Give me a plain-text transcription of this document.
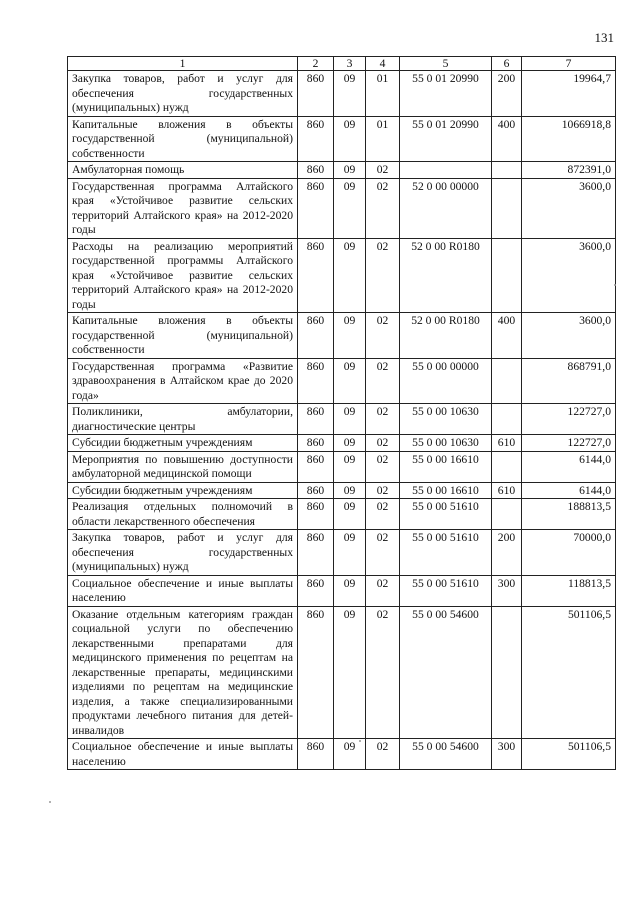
131
1	2	3	4	5	6	7
Закупка товаров, работ и услуг для обеспечения государственных (муниципальных) нужд	860	09	01	55 0 01 20990	200	19964,7
Капитальные вложения в объекты государственной (муниципальной) собственности	860	09	01	55 0 01 20990	400	1066918,8
Амбулаторная помощь	860	09	02			872391,0
Государственная программа Алтайского края «Устойчивое развитие сельских территорий Алтайского края» на 2012-2020 годы	860	09	02	52 0 00 00000		3600,0
Расходы на реализацию мероприятий государственной программы Алтайского края «Устойчивое развитие сельских территорий Алтайского края» на 2012-2020 годы	860	09	02	52 0 00 R0180		3600,0
Капитальные вложения в объекты государственной (муниципальной) собственности	860	09	02	52 0 00 R0180	400	3600,0
Государственная программа «Развитие здравоохранения в Алтайском крае до 2020 года»	860	09	02	55 0 00 00000		868791,0
Поликлиники, амбулатории, диагностические центры	860	09	02	55 0 00 10630		122727,0
Субсидии бюджетным учреждениям	860	09	02	55 0 00 10630	610	122727,0
Мероприятия по повышению доступности амбулаторной медицинской помощи	860	09	02	55 0 00 16610		6144,0
Субсидии бюджетным учреждениям	860	09	02	55 0 00 16610	610	6144,0
Реализация отдельных полномочий в области лекарственного обеспечения	860	09	02	55 0 00 51610		188813,5
Закупка товаров, работ и услуг для обеспечения государственных (муниципальных) нужд	860	09	02	55 0 00 51610	200	70000,0
Социальное обеспечение и иные выплаты населению	860	09	02	55 0 00 51610	300	118813,5
Оказание отдельным категориям граждан социальной услуги по обеспечению лекарственными препаратами для медицинского применения по рецептам на лекарственные препараты, медицинскими изделиями по рецептам на медицинские изделия, а также специализированными продуктами лечебного питания для детей-инвалидов	860	09	02	55 0 00 54600		501106,5
Социальное обеспечение и иные выплаты населению	860	09	02	55 0 00 54600	300	501106,5
